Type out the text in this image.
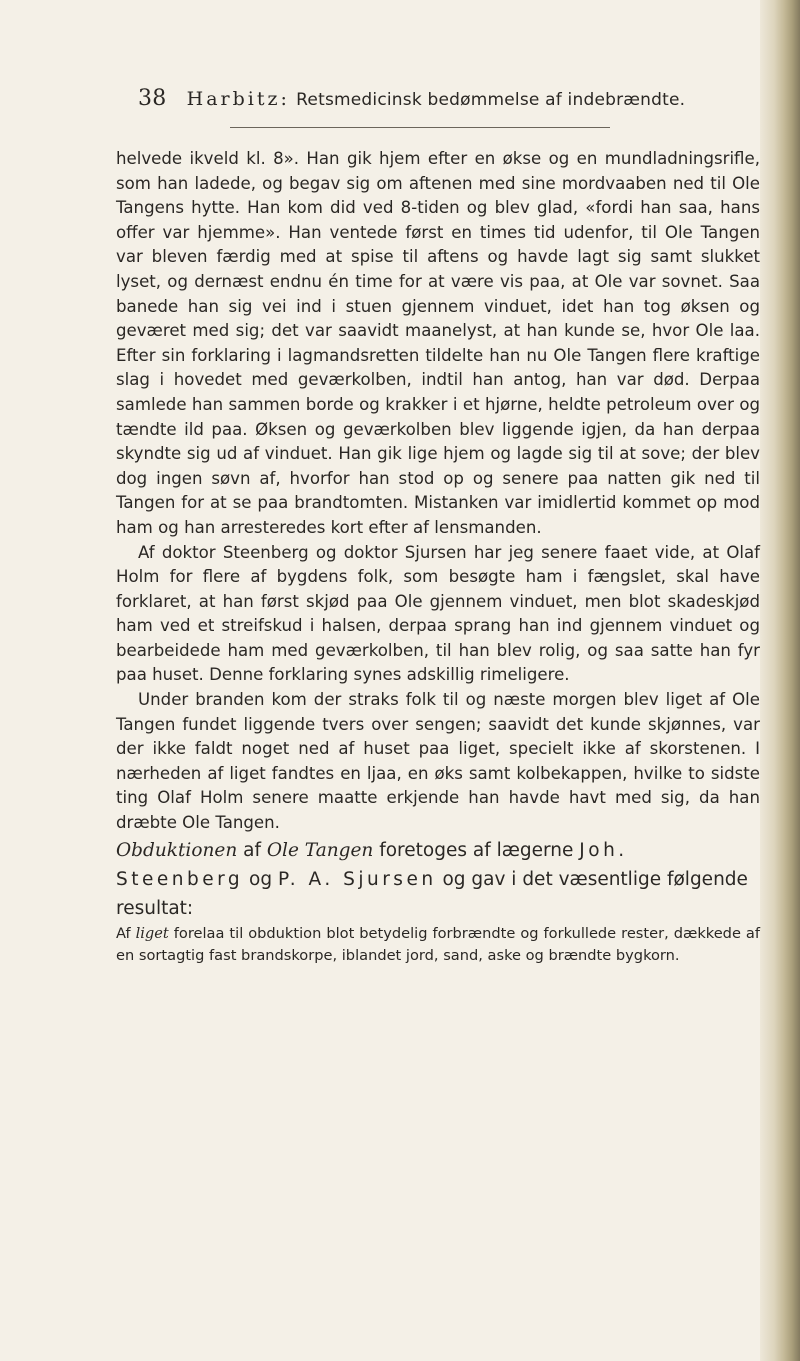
38 Harbitz: Retsmedicinsk bedømmelse af indebrændte.

helvede ikveld kl. 8». Han gik hjem efter en økse og en mundladningsrifle, som han ladede, og begav sig om aftenen med sine mordvaaben ned til Ole Tangens hytte. Han kom did ved 8-tiden og blev glad, «fordi han saa, hans offer var hjemme». Han ventede først en times tid udenfor, til Ole Tangen var bleven færdig med at spise til aftens og havde lagt sig samt slukket lyset, og dernæst endnu én time for at være vis paa, at Ole var sovnet. Saa banede han sig vei ind i stuen gjennem vinduet, idet han tog øksen og geværet med sig; det var saavidt maanelyst, at han kunde se, hvor Ole laa. Efter sin forklaring i lagmandsretten tildelte han nu Ole Tangen flere kraftige slag i hovedet med geværkolben, indtil han antog, han var død. Derpaa samlede han sammen borde og krakker i et hjørne, heldte petroleum over og tændte ild paa. Øksen og geværkolben blev liggende igjen, da han derpaa skyndte sig ud af vinduet. Han gik lige hjem og lagde sig til at sove; der blev dog ingen søvn af, hvorfor han stod op og senere paa natten gik ned til Tangen for at se paa brandtomten. Mistanken var imidlertid kommet op mod ham og han arresteredes kort efter af lensmanden.

Af doktor Steenberg og doktor Sjursen har jeg senere faaet vide, at Olaf Holm for flere af bygdens folk, som besøgte ham i fængslet, skal have forklaret, at han først skjød paa Ole gjennem vinduet, men blot skadeskjød ham ved et streifskud i halsen, derpaa sprang han ind gjennem vinduet og bearbeidede ham med geværkolben, til han blev rolig, og saa satte han fyr paa huset. Denne forklaring synes adskillig rimeligere.

Under branden kom der straks folk til og næste morgen blev liget af Ole Tangen fundet liggende tvers over sengen; saavidt det kunde skjønnes, var der ikke faldt noget ned af huset paa liget, specielt ikke af skorstenen. I nærheden af liget fandtes en ljaa, en øks samt kolbekappen, hvilke to sidste ting Olaf Holm senere maatte erkjende han havde havt med sig, da han dræbte Ole Tangen.

Obduktionen af Ole Tangen foretoges af lægerne Joh. Steenberg og P. A. Sjursen og gav i det væsentlige følgende resultat:

Af liget forelaa til obduktion blot betydelig forbrændte og forkullede rester, dækkede af en sortagtig fast brandskorpe, iblandet jord, sand, aske og brændte bygkorn.
